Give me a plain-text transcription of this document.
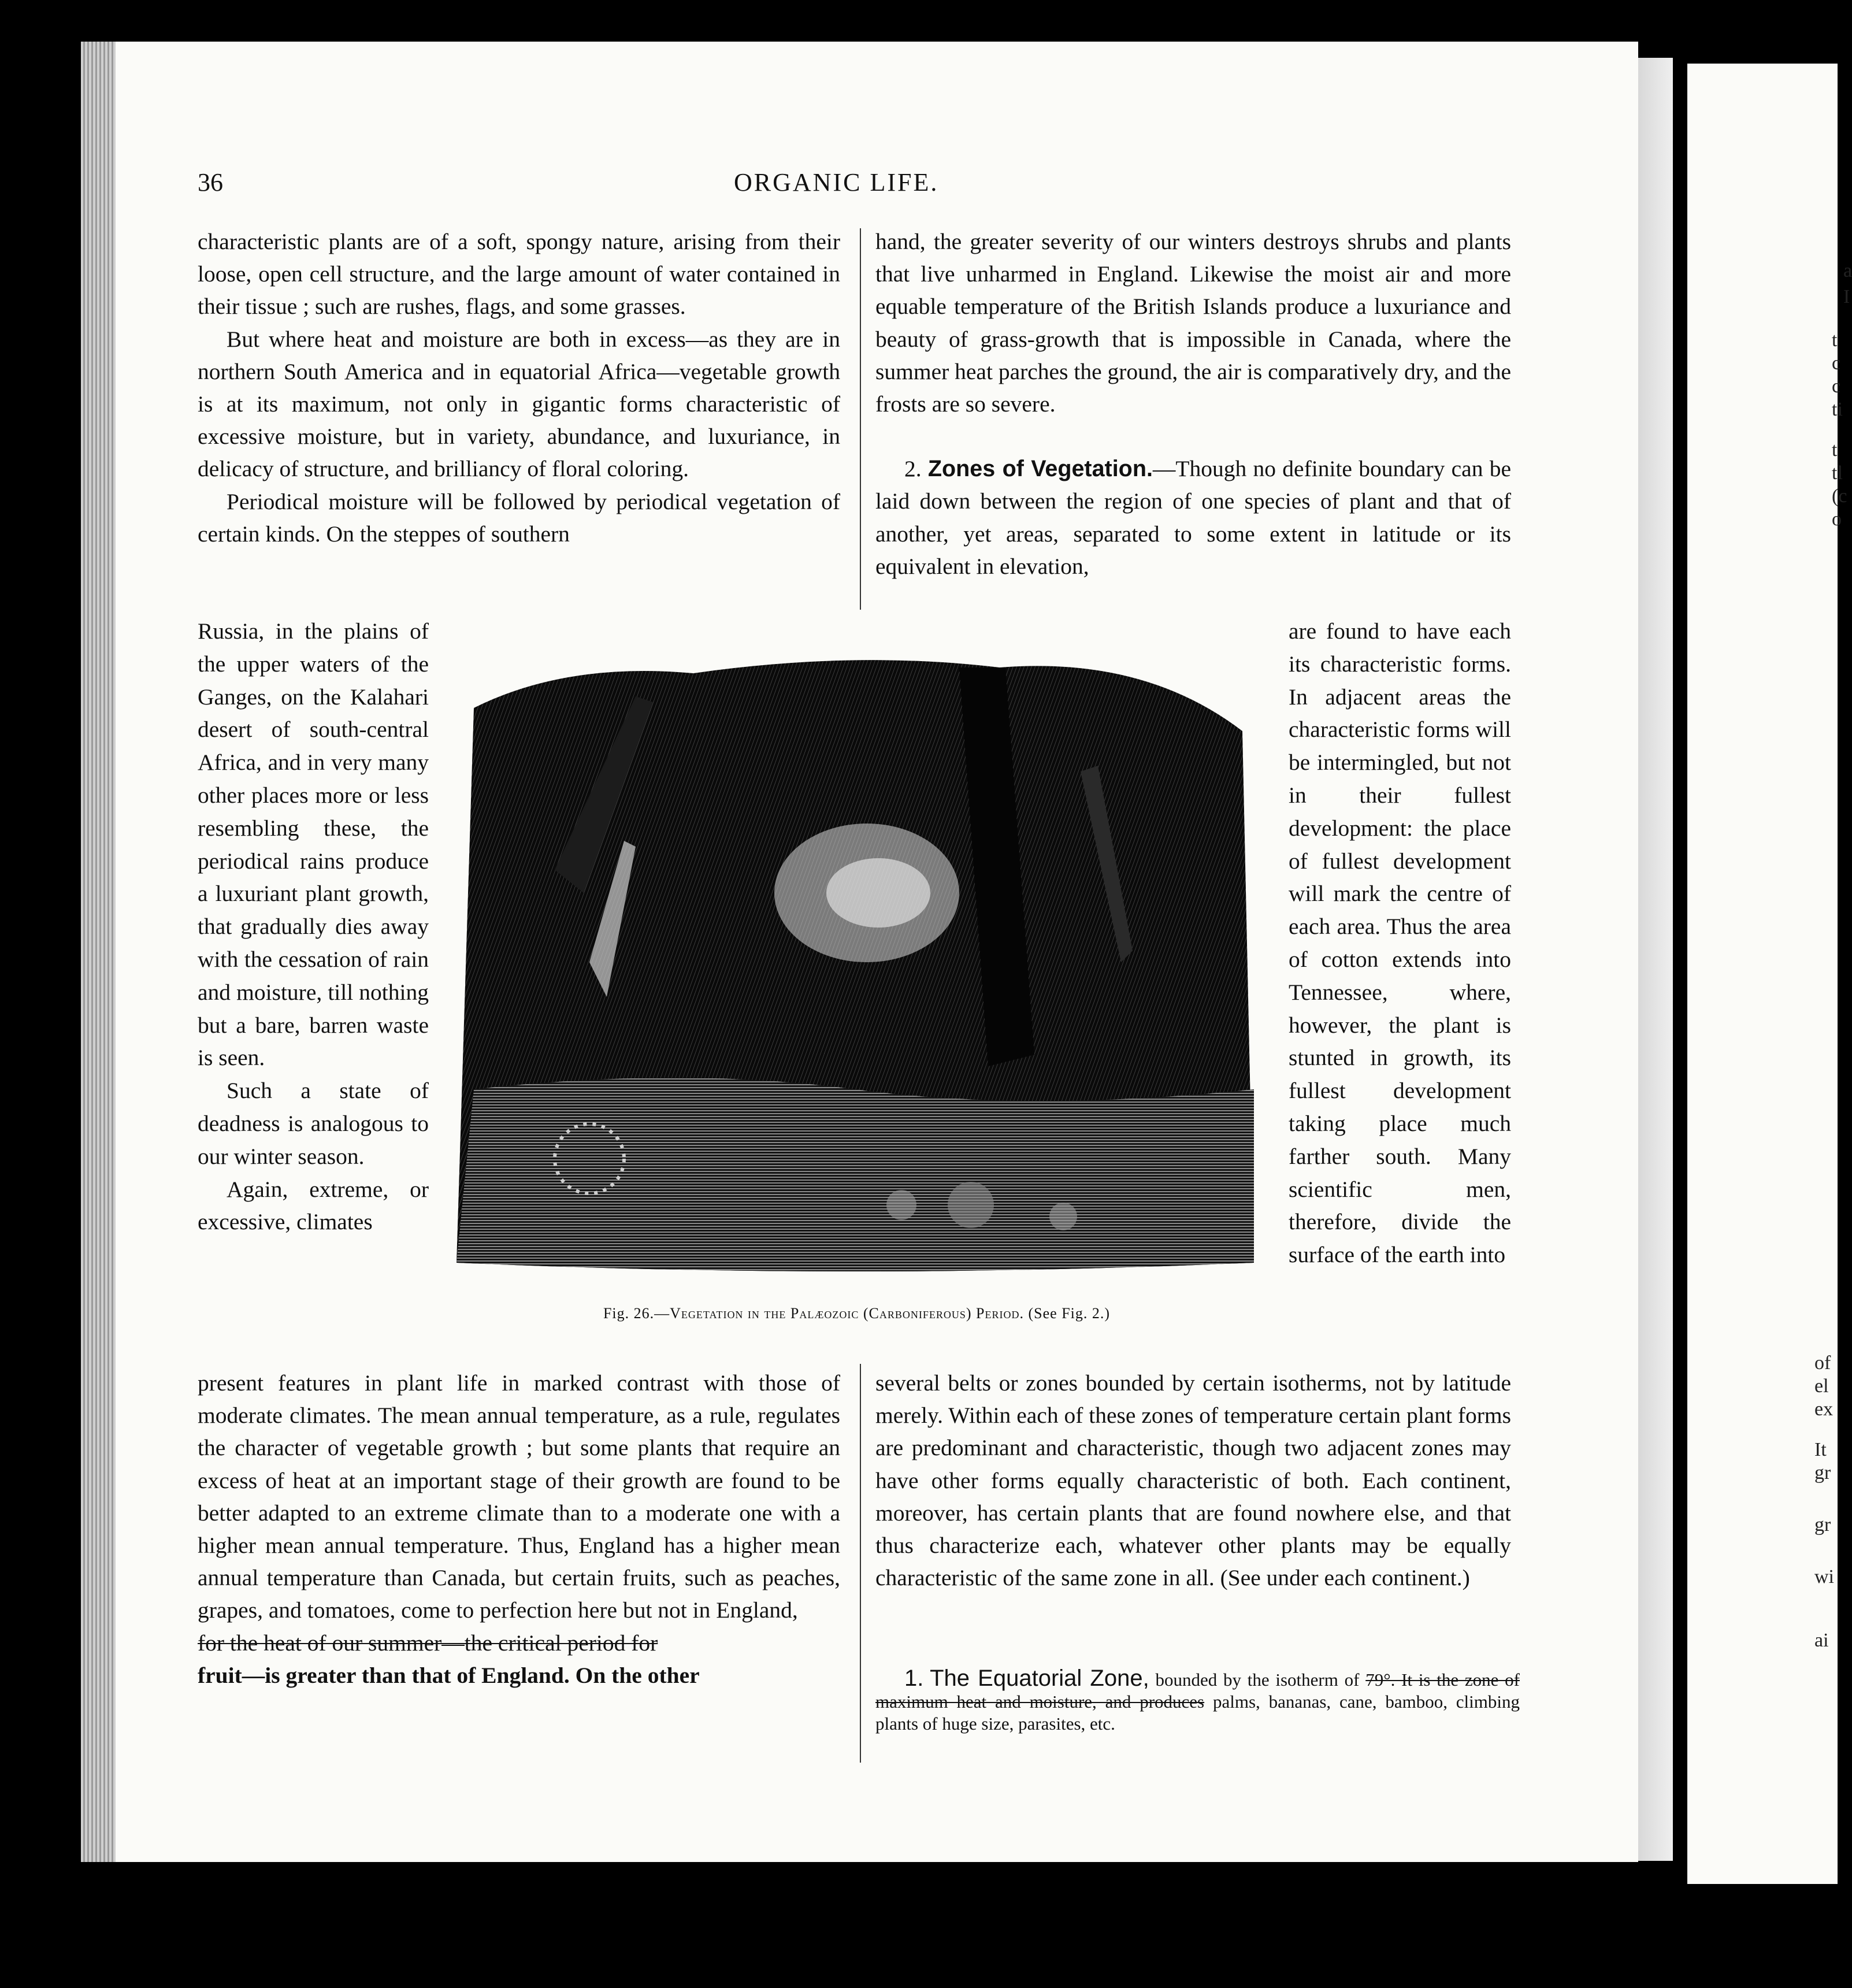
a
I
t
c
c
ti
t
tl
(c
o
of
el
ex
It
gr
gr
wi
ai
36	ORGANIC LIFE.

characteristic plants are of a soft, spongy nature, arising from their loose, open cell structure, and the large amount of water contained in their tissue ; such are rushes, flags, and some grasses.

But where heat and moisture are both in excess—as they are in northern South America and in equatorial Africa—vegetable growth is at its maximum, not only in gigantic forms characteristic of excessive moisture, but in variety, abundance, and luxuriance, in delicacy of structure, and brilliancy of floral coloring.

Periodical moisture will be followed by periodical vegetation of certain kinds. On the steppes of southern

Russia, in the plains of the upper waters of the Ganges, on the Kalahari desert of south-central Africa, and in very many other places more or less resembling these, the periodical rains produce a luxuriant plant growth, that gradually dies away with the cessation of rain and moisture, till nothing but a bare, barren waste is seen.

Such a state of deadness is analogous to our winter season.

Again, extreme, or excessive, climates

hand, the greater severity of our winters destroys shrubs and plants that live unharmed in England. Likewise the moist air and more equable temperature of the British Islands produce a luxuriance and beauty of grass-growth that is impossible in Canada, where the summer heat parches the ground, the air is comparatively dry, and the frosts are so severe.

2. Zones of Vegetation.—Though no definite boundary can be laid down between the region of one species of plant and that of another, yet areas, separated to some extent in latitude or its equivalent in elevation,

are found to have each its characteristic forms. In adjacent areas the characteristic forms will be intermingled, but not in their fullest development: the place of fullest development will mark the centre of each area. Thus the area of cotton extends into Tennessee, where, however, the plant is stunted in growth, its fullest development taking place much farther south. Many scientific men, therefore, divide the surface of the earth into

Fig. 26.—Vegetation in the Palæozoic (Carboniferous) Period. (See Fig. 2.)

present features in plant life in marked contrast with those of moderate climates. The mean annual temperature, as a rule, regulates the character of vegetable growth ; but some plants that require an excess of heat at an important stage of their growth are found to be better adapted to an extreme climate than to a moderate one with a higher mean annual temperature. Thus, England has a higher mean annual temperature than Canada, but certain fruits, such as peaches, grapes, and tomatoes, come to perfection here but not in England,

for the heat of our summer—the critical period for

fruit—is greater than that of England. On the other

several belts or zones bounded by certain isotherms, not by latitude merely. Within each of these zones of temperature certain plant forms are predominant and characteristic, though two adjacent zones may have other forms equally characteristic of both. Each continent, moreover, has certain plants that are found nowhere else, and that thus characterize each, whatever other plants may be equally characteristic of the same zone in all. (See under each continent.)

1. The Equatorial Zone, bounded by the isotherm of 79°. It is the zone of maximum heat and moisture, and produces palms, bananas, cane, bamboo, climbing plants of huge size, parasites, etc.
